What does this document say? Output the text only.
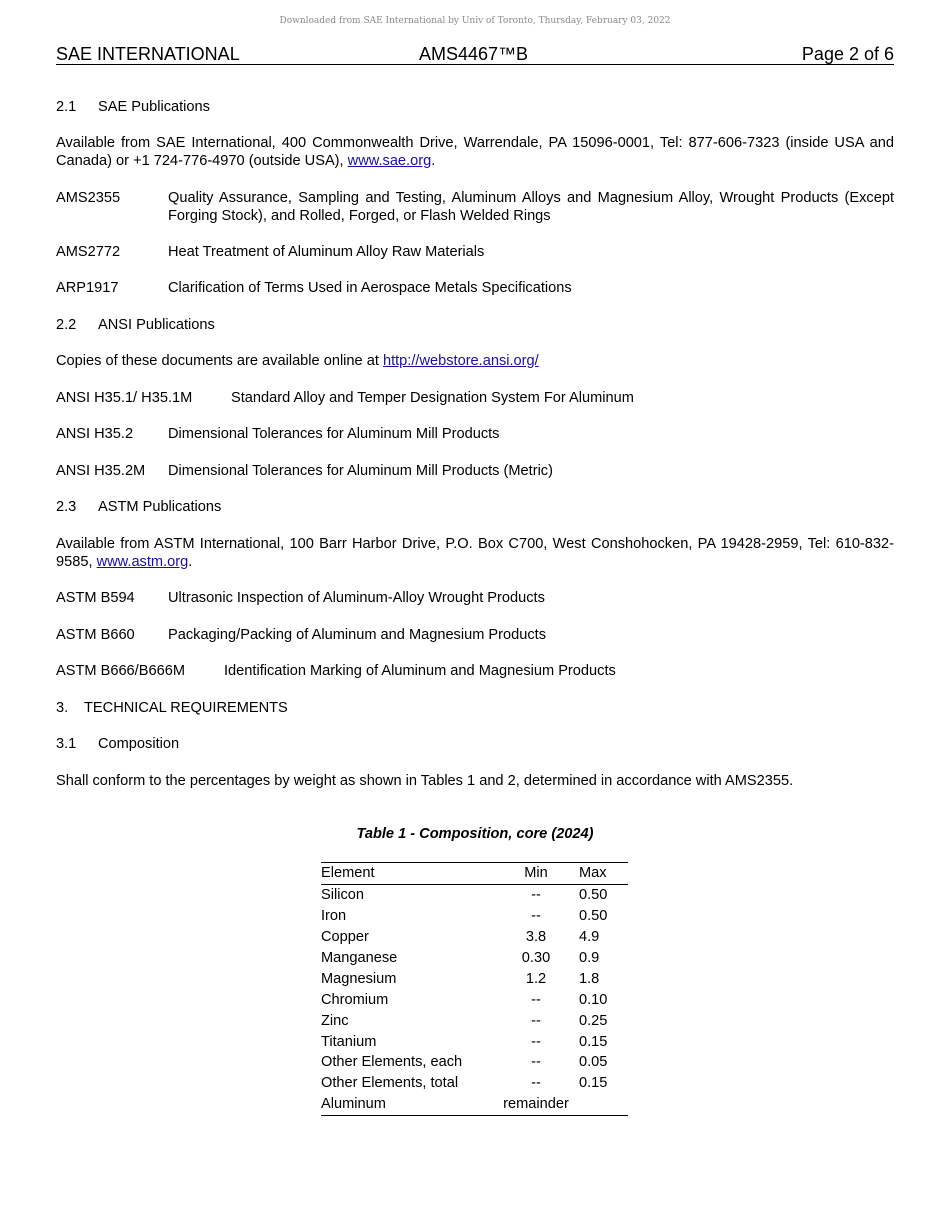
Downloaded from SAE International by Univ of Toronto, Thursday, February 03, 2022
SAE INTERNATIONAL	AMS4467™B	Page 2 of 6
2.1 SAE Publications
Available from SAE International, 400 Commonwealth Drive, Warrendale, PA 15096-0001, Tel: 877-606-7323 (inside USA and Canada) or +1 724-776-4970 (outside USA), www.sae.org.
AMS2355	Quality Assurance, Sampling and Testing, Aluminum Alloys and Magnesium Alloy, Wrought Products (Except Forging Stock), and Rolled, Forged, or Flash Welded Rings
AMS2772	Heat Treatment of Aluminum Alloy Raw Materials
ARP1917	Clarification of Terms Used in Aerospace Metals Specifications
2.2 ANSI Publications
Copies of these documents are available online at http://webstore.ansi.org/
ANSI H35.1/ H35.1M	Standard Alloy and Temper Designation System For Aluminum
ANSI H35.2 Dimensional Tolerances for Aluminum Mill Products
ANSI H35.2M Dimensional Tolerances for Aluminum Mill Products (Metric)
2.3 ASTM Publications
Available from ASTM International, 100 Barr Harbor Drive, P.O. Box C700, West Conshohocken, PA 19428-2959, Tel: 610-832-9585, www.astm.org.
ASTM B594 Ultrasonic Inspection of Aluminum-Alloy Wrought Products
ASTM B660 Packaging/Packing of Aluminum and Magnesium Products
ASTM B666/B666M	Identification Marking of Aluminum and Magnesium Products
3. TECHNICAL REQUIREMENTS
3.1 Composition
Shall conform to the percentages by weight as shown in Tables 1 and 2, determined in accordance with AMS2355.
Table 1 - Composition, core (2024)
Element	Min	Max
Silicon	--	0.50
Iron	--	0.50
Copper	3.8	4.9
Manganese	0.30	0.9
Magnesium	1.2	1.8
Chromium	--	0.10
Zinc	--	0.25
Titanium	--	0.15
Other Elements, each	--	0.05
Other Elements, total	--	0.15
Aluminum	remainder	
